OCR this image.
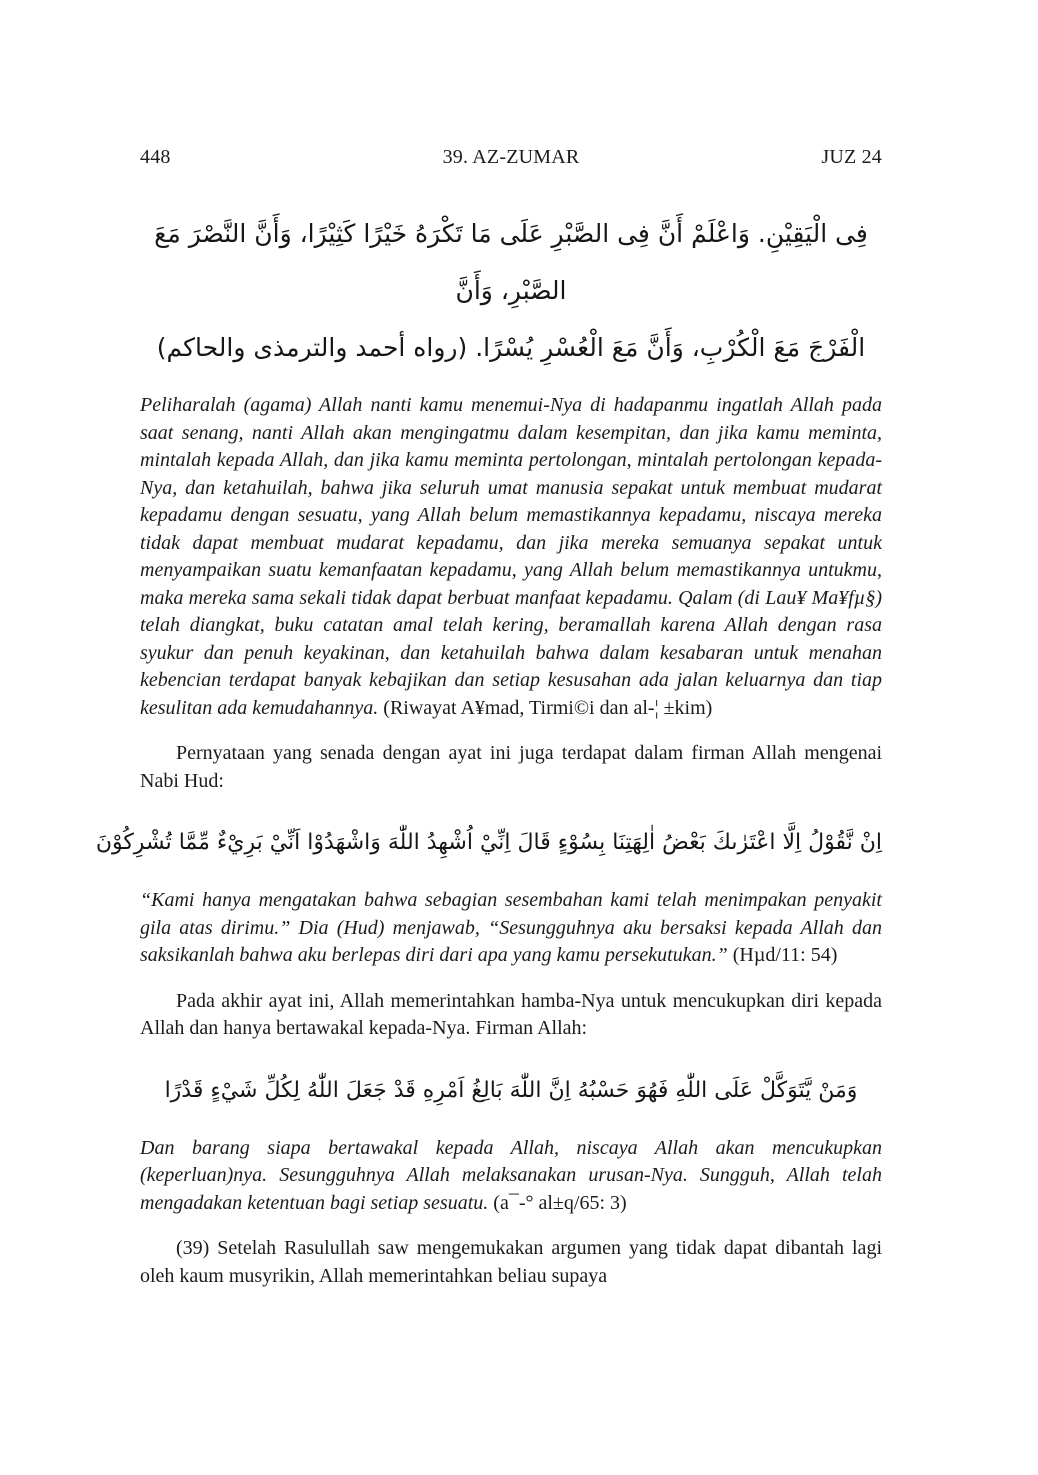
448	39. AZ-ZUMAR	JUZ 24
فِى الْيَقِيْنِ. وَاعْلَمْ أَنَّ فِى الصَّبْرِ عَلَى مَا تَكْرَهُ خَيْرًا كَثِيْرًا، وَأَنَّ النَّصْرَ مَعَ الصَّبْرِ، وَأَنَّ
الْفَرْجَ مَعَ الْكُرْبِ، وَأَنَّ مَعَ الْعُسْرِ يُسْرًا. (رواه أحمد والترمذى والحاكم)

Peliharalah (agama) Allah nanti kamu menemui-Nya di hadapanmu ingatlah Allah pada saat senang, nanti Allah akan mengingatmu dalam kesempitan, dan jika kamu meminta, mintalah kepada Allah, dan jika kamu meminta pertolongan, mintalah pertolongan kepada-Nya, dan ketahuilah, bahwa jika seluruh umat manusia sepakat untuk membuat mudarat kepadamu dengan sesuatu, yang Allah belum memastikannya kepadamu, niscaya mereka tidak dapat membuat mudarat kepadamu, dan jika mereka semuanya sepakat untuk menyampaikan suatu kemanfaatan kepadamu, yang Allah belum memastikannya untukmu, maka mereka sama sekali tidak dapat berbuat manfaat kepadamu. Qalam (di Lau¥ Ma¥fµ§) telah diangkat, buku catatan amal telah kering, beramallah karena Allah dengan rasa syukur dan penuh keyakinan, dan ketahuilah bahwa dalam kesabaran untuk menahan kebencian terdapat banyak kebajikan dan setiap kesusahan ada jalan keluarnya dan tiap kesulitan ada kemudahannya. (Riwayat A¥mad, Tirmi©i dan al-¦ ±kim)

Pernyataan yang senada dengan ayat ini juga terdapat dalam firman Allah mengenai Nabi Hud:

اِنْ نَّقُوْلُ اِلَّا اعْتَرٰىكَ بَعْضُ اٰلِهَتِنَا بِسُوْءٍ قَالَ اِنِّيْ اُشْهِدُ اللّٰهَ وَاشْهَدُوْا اَنِّيْ بَرِيْءٌ مِّمَّا تُشْرِكُوْنَ

“Kami hanya mengatakan bahwa sebagian sesembahan kami telah menimpakan penyakit gila atas dirimu.” Dia (Hud) menjawab, “Sesungguhnya aku bersaksi kepada Allah dan saksikanlah bahwa aku berlepas diri dari apa yang kamu persekutukan.” (Hµd/11: 54)

Pada akhir ayat ini, Allah memerintahkan hamba-Nya untuk mencukupkan diri kepada Allah dan hanya bertawakal kepada-Nya. Firman Allah:

وَمَنْ يَّتَوَكَّلْ عَلَى اللّٰهِ فَهُوَ حَسْبُهُ اِنَّ اللّٰهَ بَالِغُ اَمْرِهِ قَدْ جَعَلَ اللّٰهُ لِكُلِّ شَيْءٍ قَدْرًا

Dan barang siapa bertawakal kepada Allah, niscaya Allah akan mencukupkan (keperluan)nya. Sesungguhnya Allah melaksanakan urusan-Nya. Sungguh, Allah telah mengadakan ketentuan bagi setiap sesuatu. (a¯-° al±q/65: 3)

(39) Setelah Rasulullah saw mengemukakan argumen yang tidak dapat dibantah lagi oleh kaum musyrikin, Allah memerintahkan beliau supaya
